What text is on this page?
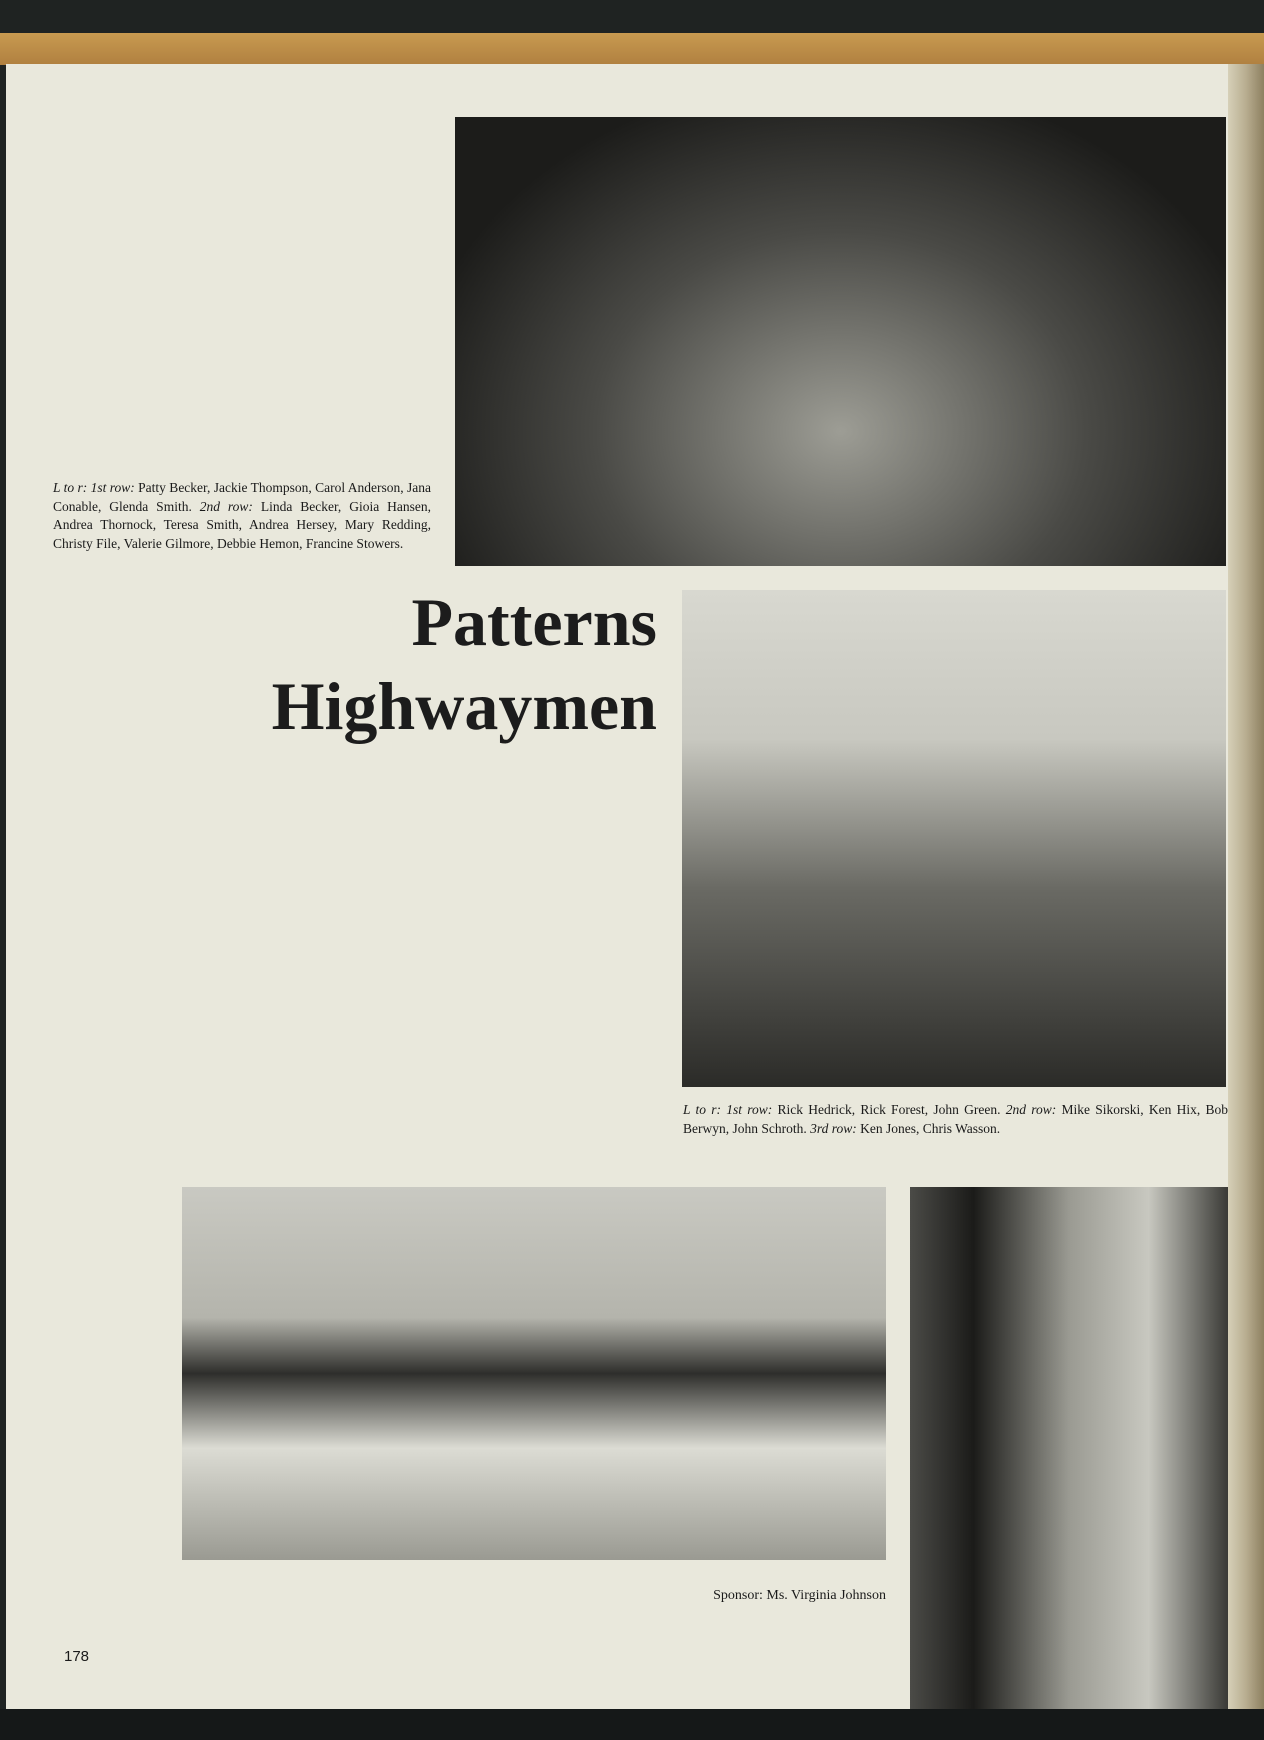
L to r: 1st row: Patty Becker, Jackie Thompson, Carol Anderson, Jana Conable, Glenda Smith. 2nd row: Linda Becker, Gioia Hansen, Andrea Thornock, Teresa Smith, Andrea Hersey, Mary Redding, Christy File, Valerie Gilmore, Debbie Hemon, Francine Stowers.
Patterns
Highwaymen
L to r: 1st row: Rick Hedrick, Rick Forest, John Green. 2nd row: Mike Sikorski, Ken Hix, Bob Berwyn, John Schroth. 3rd row: Ken Jones, Chris Wasson.
Sponsor: Ms. Virginia Johnson
178
